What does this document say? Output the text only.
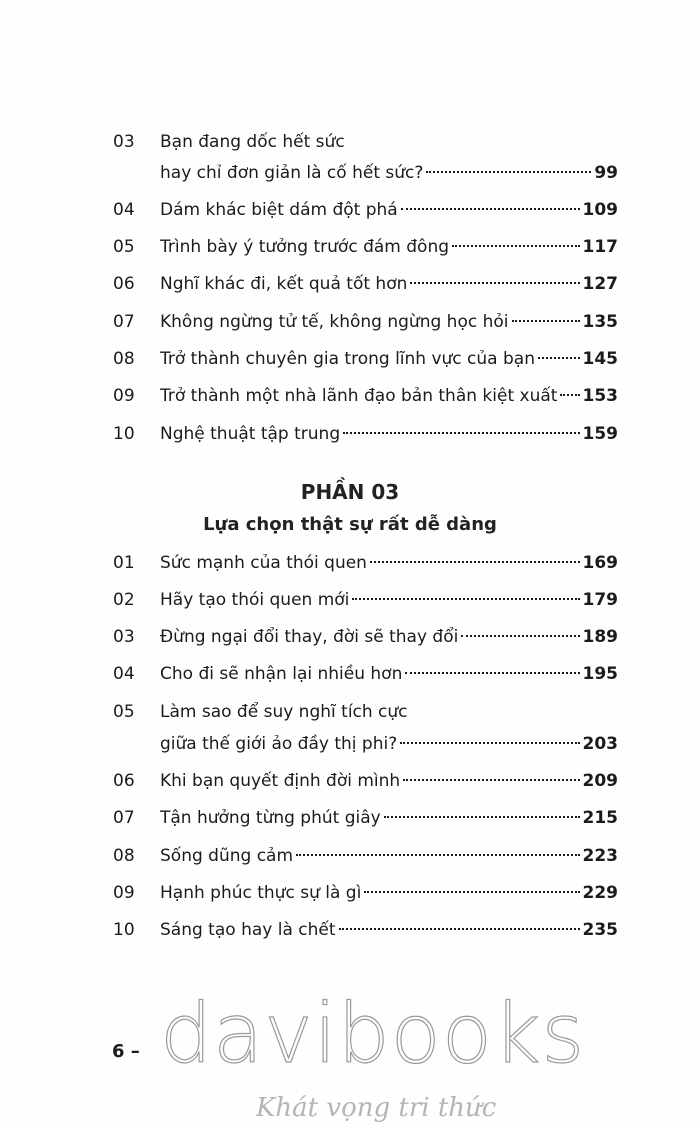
03 Bạn đang dốc hết sức
hay chỉ đơn giản là cố hết sức?	99
04 Dám khác biệt dám đột phá	109
05 Trình bày ý tưởng trước đám đông	117
06 Nghĩ khác đi, kết quả tốt hơn	127
07 Không ngừng tử tế, không ngừng học hỏi	135
08 Trở thành chuyên gia trong lĩnh vực của bạn	145
09 Trở thành một nhà lãnh đạo bản thân kiệt xuất 153
10 Nghệ thuật tập trung	159
PHẦN 03
Lựa chọn thật sự rất dễ dàng
01 Sức mạnh của thói quen	169
02 Hãy tạo thói quen mới	179
03 Đừng ngại đổi thay, đời sẽ thay đổi	189
04 Cho đi sẽ nhận lại nhiều hơn	195
05 Làm sao để suy nghĩ tích cực
giữa thế giới ảo đầy thị phi?	203
06 Khi bạn quyết định đời mình	209
07 Tận hưởng từng phút giây	215
08 Sống dũng cảm	223
09 Hạnh phúc thực sự là gì	229
10 Sáng tạo hay là chết	235
6 – davibooks
Khát vọng tri thức
